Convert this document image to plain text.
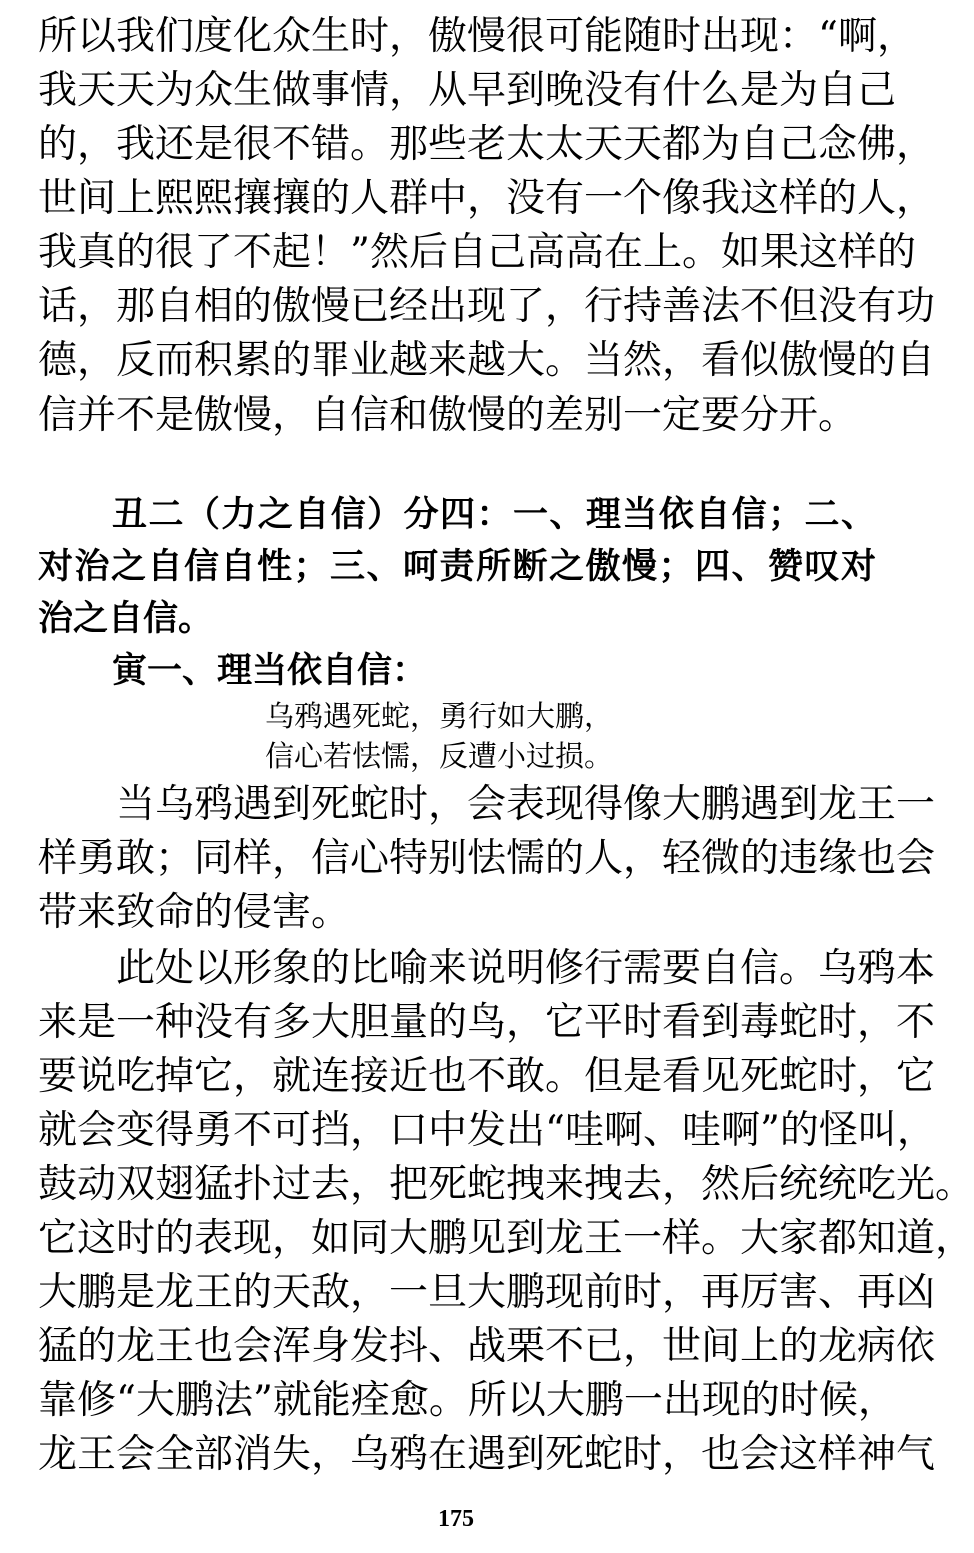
所以我们度化众生时，傲慢很可能随时出现：“啊，
我天天为众生做事情，从早到晚没有什么是为自己
的，我还是很不错。那些老太太天天都为自己念佛，
世间上熙熙攘攘的人群中，没有一个像我这样的人，
我真的很了不起！”然后自己高高在上。如果这样的
话，那自相的傲慢已经出现了，行持善法不但没有功
德，反而积累的罪业越来越大。当然，看似傲慢的自
信并不是傲慢，自信和傲慢的差别一定要分开。
丑二（力之自信）分四：一、理当依自信；二、
对治之自信自性；三、呵责所断之傲慢；四、赞叹对
治之自信。
寅一、理当依自信：
乌鸦遇死蛇，勇行如大鹏，
信心若怯懦，反遭小过损。
当乌鸦遇到死蛇时，会表现得像大鹏遇到龙王一
样勇敢；同样，信心特别怯懦的人，轻微的违缘也会
带来致命的侵害。
此处以形象的比喻来说明修行需要自信。乌鸦本
来是一种没有多大胆量的鸟，它平时看到毒蛇时，不
要说吃掉它，就连接近也不敢。但是看见死蛇时，它
就会变得勇不可挡，口中发出“哇啊、哇啊”的怪叫，
鼓动双翅猛扑过去，把死蛇拽来拽去，然后统统吃光。
它这时的表现，如同大鹏见到龙王一样。大家都知道，
大鹏是龙王的天敌，一旦大鹏现前时，再厉害、再凶
猛的龙王也会浑身发抖、战栗不已，世间上的龙病依
靠修“大鹏法”就能痊愈。所以大鹏一出现的时候，
龙王会全部消失，乌鸦在遇到死蛇时，也会这样神气
175
